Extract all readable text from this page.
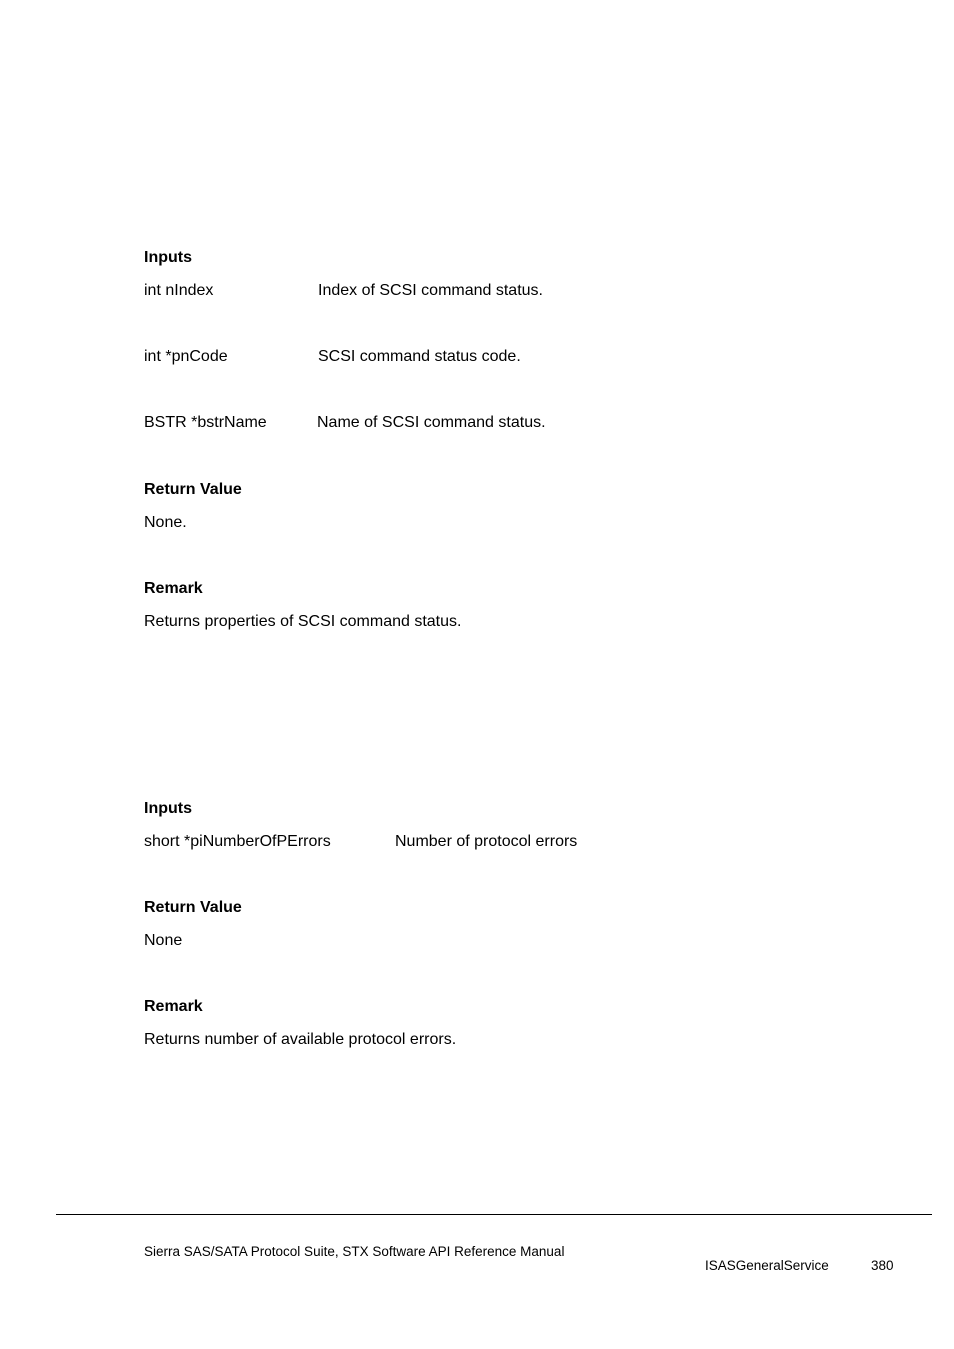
Inputs
int nIndex	Index of SCSI command status.
int *pnCode	SCSI command status code.
BSTR *bstrName	Name of SCSI command status.
Return Value
None.
Remark
Returns properties of SCSI command status.
Inputs
short *piNumberOfPErrors	Number of protocol errors
Return Value
None
Remark
Returns number of available protocol errors.
Sierra SAS/SATA Protocol Suite, STX Software API Reference Manual
ISASGeneralService	380
